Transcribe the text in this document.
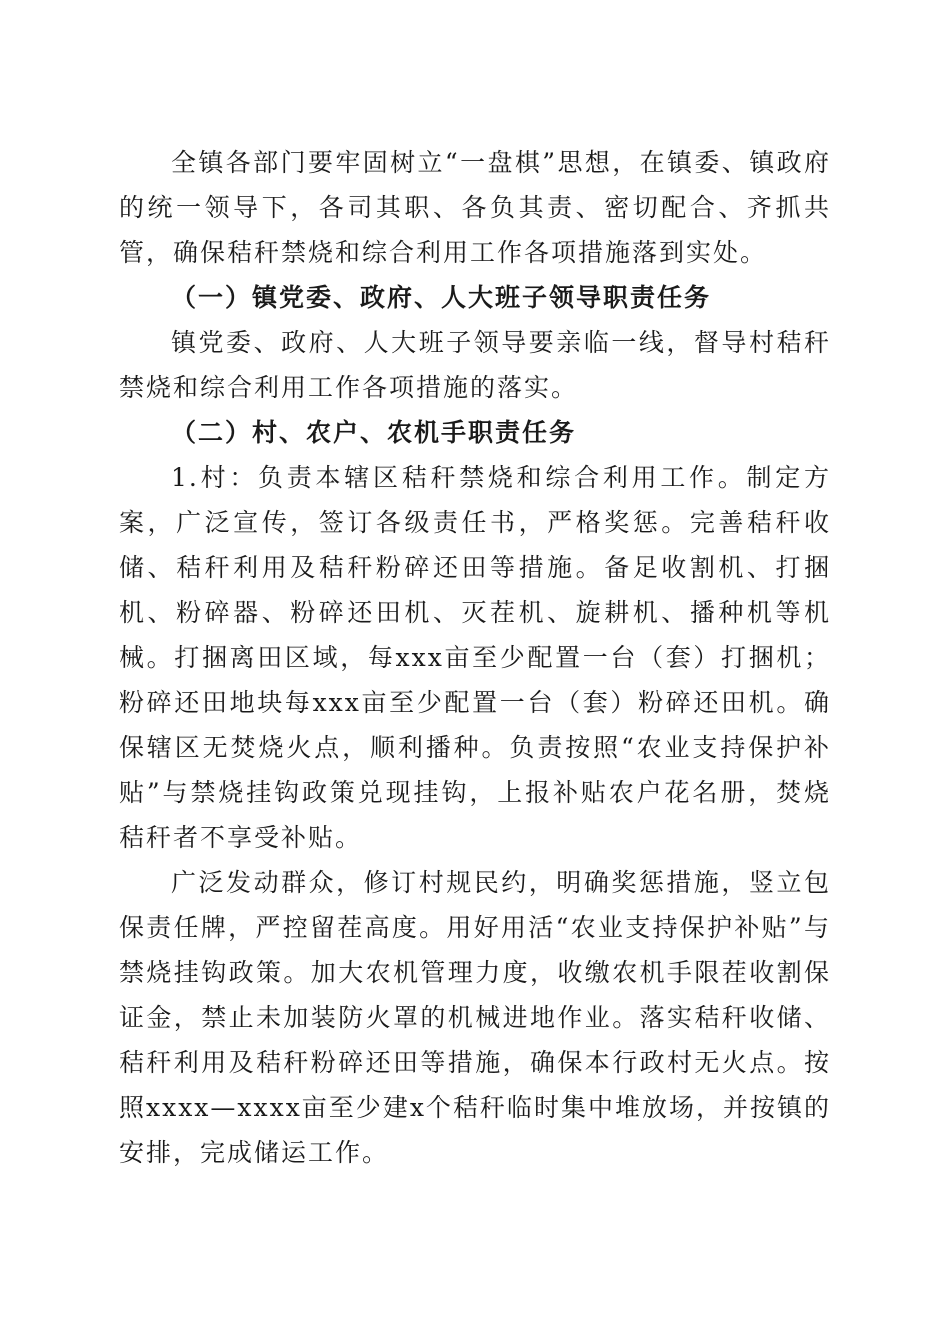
全镇各部门要牢固树立“一盘棋”思想，在镇委、镇政府的统一领导下，各司其职、各负其责、密切配合、齐抓共管，确保秸秆禁烧和综合利用工作各项措施落到实处。

（一）镇党委、政府、人大班子领导职责任务

镇党委、政府、人大班子领导要亲临一线，督导村秸秆禁烧和综合利用工作各项措施的落实。

（二）村、农户、农机手职责任务

1.村：负责本辖区秸秆禁烧和综合利用工作。制定方案，广泛宣传，签订各级责任书，严格奖惩。完善秸秆收储、秸秆利用及秸秆粉碎还田等措施。备足收割机、打捆机、粉碎器、粉碎还田机、灭茬机、旋耕机、播种机等机械。打捆离田区域，每xxx亩至少配置一台（套）打捆机；粉碎还田地块每xxx亩至少配置一台（套）粉碎还田机。确保辖区无焚烧火点，顺利播种。负责按照“农业支持保护补贴”与禁烧挂钩政策兑现挂钩，上报补贴农户花名册，焚烧秸秆者不享受补贴。

广泛发动群众，修订村规民约，明确奖惩措施，竖立包保责任牌，严控留茬高度。用好用活“农业支持保护补贴”与禁烧挂钩政策。加大农机管理力度，收缴农机手限茬收割保证金，禁止未加装防火罩的机械进地作业。落实秸秆收储、秸秆利用及秸秆粉碎还田等措施，确保本行政村无火点。按照xxxx—xxxx亩至少建x个秸秆临时集中堆放场，并按镇的安排，完成储运工作。
